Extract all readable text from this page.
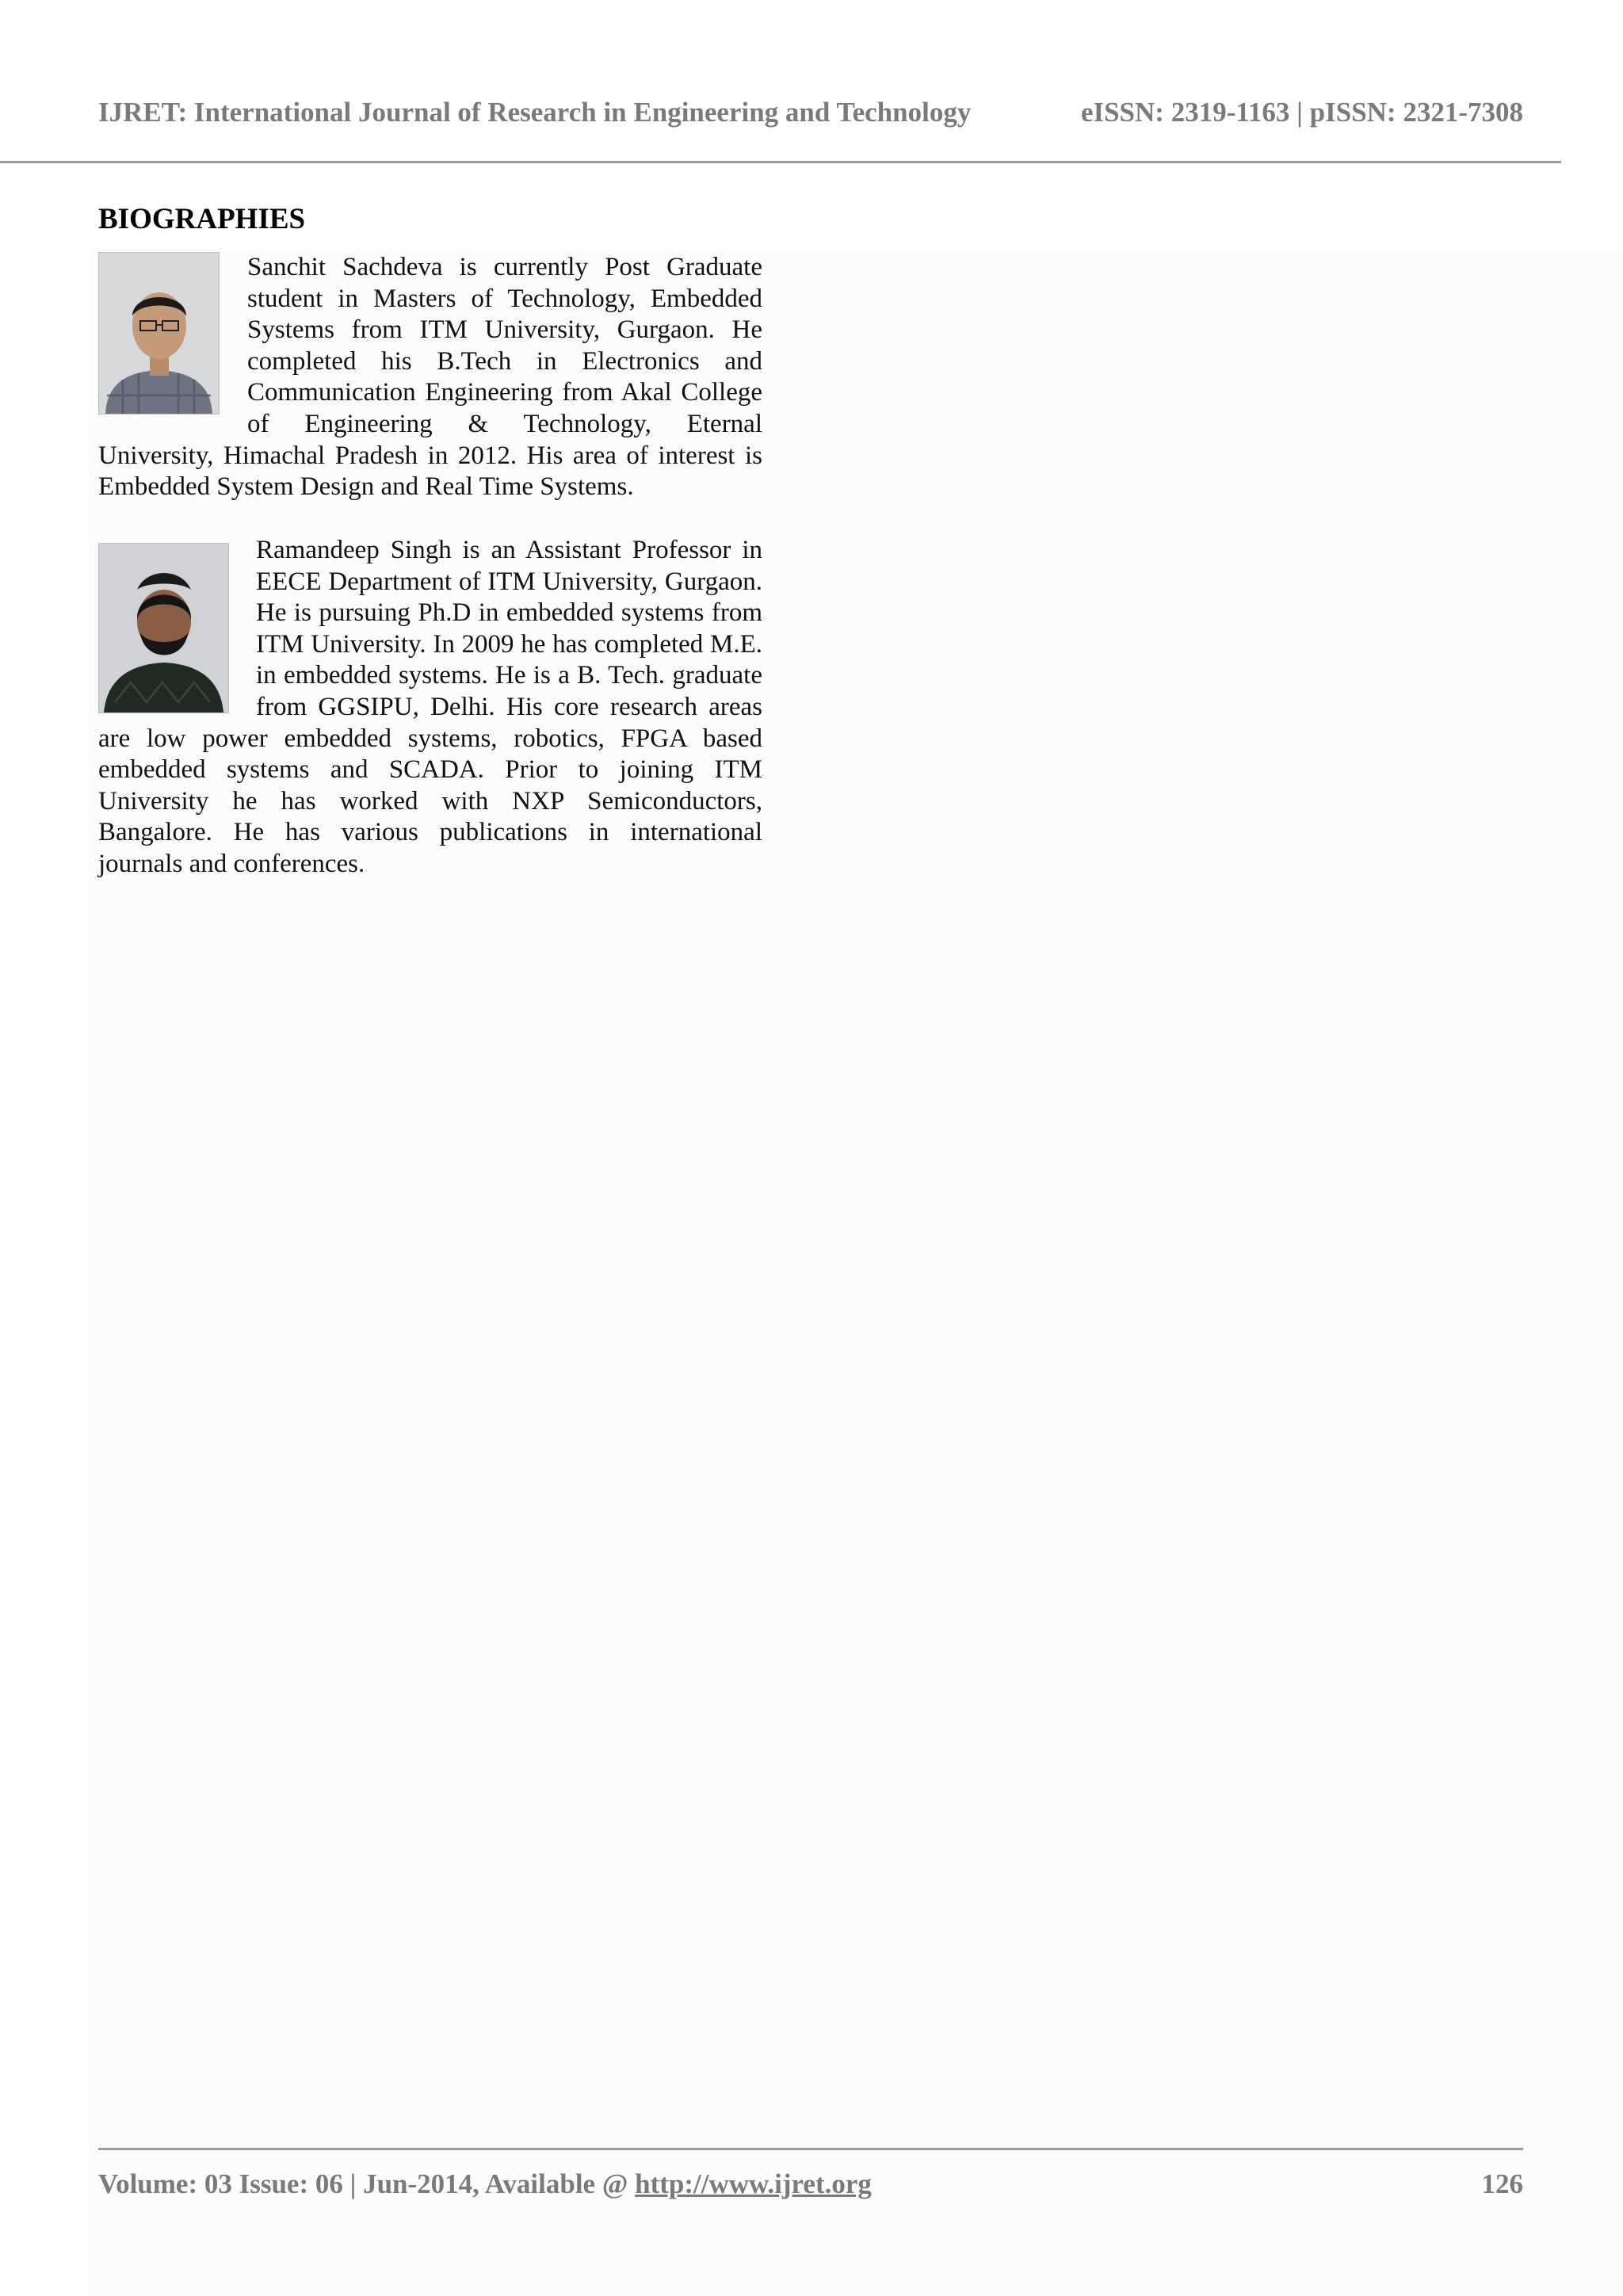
IJRET: International Journal of Research in Engineering and Technology	eISSN: 2319-1163 | pISSN: 2321-7308
BIOGRAPHIES
Sanchit Sachdeva is currently Post Graduate student in Masters of Technology, Embedded Systems from ITM University, Gurgaon. He completed his B.Tech in Electronics and Communication Engineering from Akal College of Engineering & Technology, Eternal University, Himachal Pradesh in 2012. His area of interest is Embedded System Design and Real Time Systems.
Ramandeep Singh is an Assistant Professor in EECE Department of ITM University, Gurgaon. He is pursuing Ph.D in embedded systems from ITM University. In 2009 he has completed M.E. in embedded systems. He is a B. Tech. graduate from GGSIPU, Delhi. His core research areas are low power embedded systems, robotics, FPGA based embedded systems and SCADA. Prior to joining ITM University he has worked with NXP Semiconductors, Bangalore. He has various publications in international journals and conferences.
Volume: 03 Issue: 06 | Jun-2014, Available @ http://www.ijret.org	126
